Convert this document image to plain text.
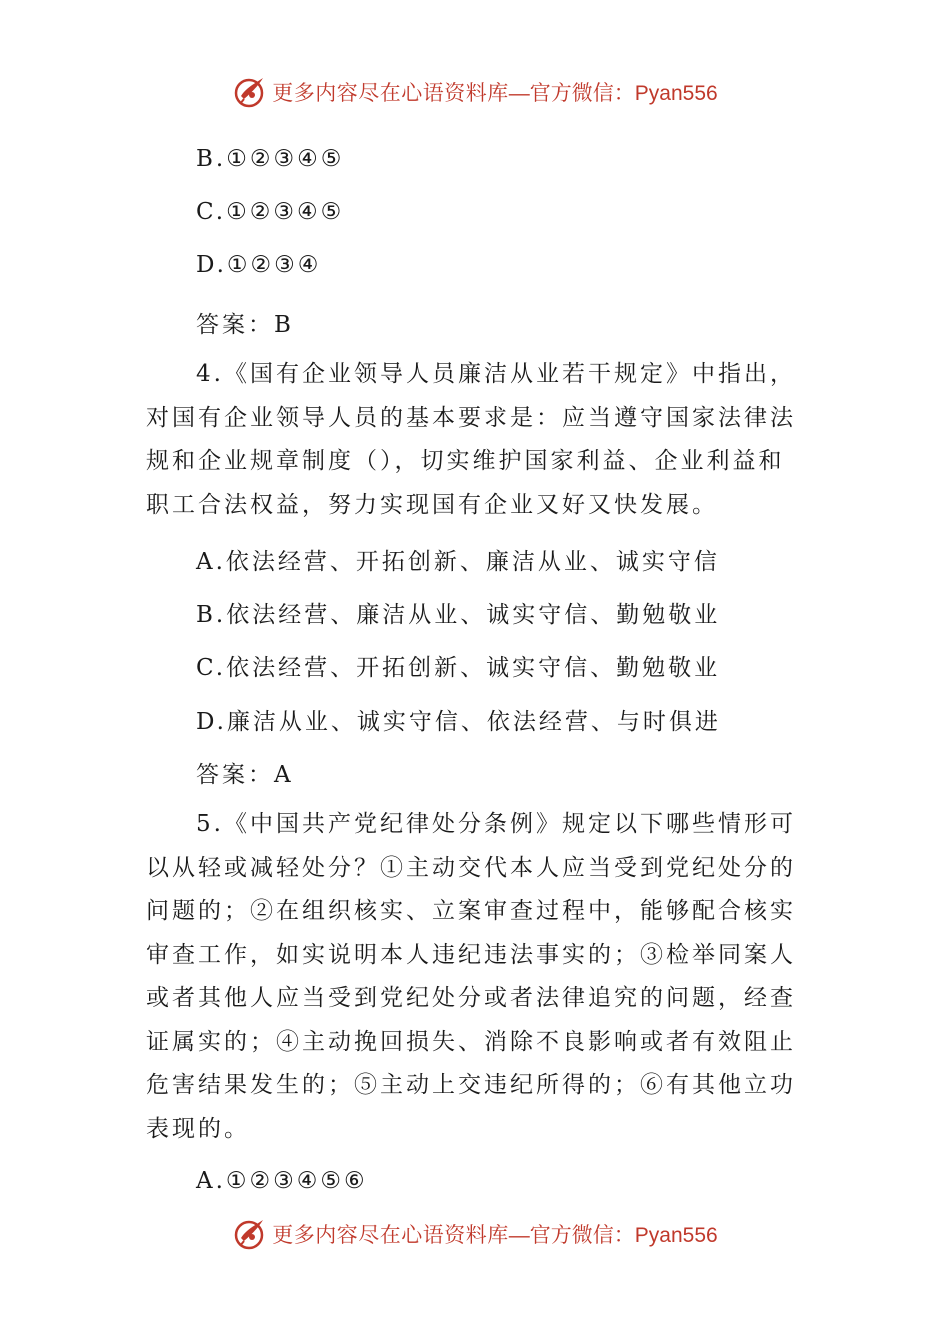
更多内容尽在心语资料库 —官方微信：Pyan556
B.①②③④⑤
C.①②③④⑤
D.①②③④
答案：B

4.《国有企业领导人员廉洁从业若干规定》中指出，对国有企业领导人员的基本要求是：应当遵守国家法律法规和企业规章制度（），切实维护国家利益、企业利益和职工合法权益，努力实现国有企业又好又快发展。

A.依法经营、开拓创新、廉洁从业、诚实守信
B.依法经营、廉洁从业、诚实守信、勤勉敬业
C.依法经营、开拓创新、诚实守信、勤勉敬业
D.廉洁从业、诚实守信、依法经营、与时俱进
答案：A

5.《中国共产党纪律处分条例》规定以下哪些情形可以从轻或减轻处分？①主动交代本人应当受到党纪处分的问题的；②在组织核实、立案审查过程中，能够配合核实审查工作，如实说明本人违纪违法事实的；③检举同案人或者其他人应当受到党纪处分或者法律追究的问题，经查证属实的；④主动挽回损失、消除不良影响或者有效阻止危害结果发生的；⑤主动上交违纪所得的；⑥有其他立功表现的。

A.①②③④⑤⑥
更多内容尽在心语资料库 —官方微信：Pyan556
